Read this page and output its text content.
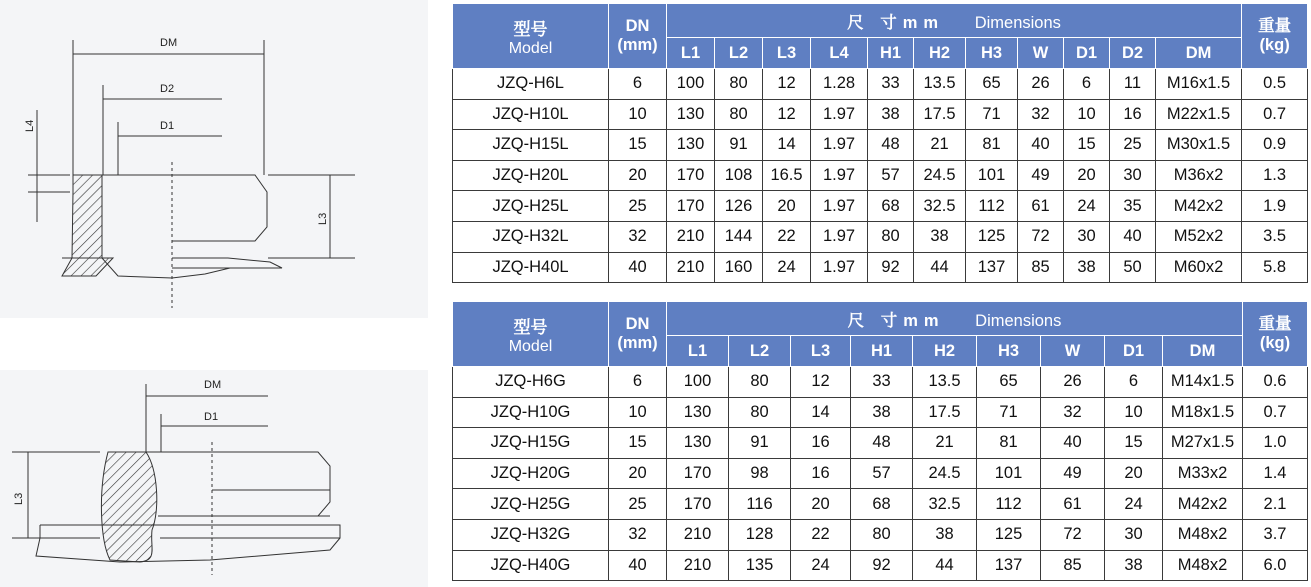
DM
D2
D1
L4
L3
DM
D1
L3
型号
Model	DN
(mm)	尺 寸mm Dimensions											重量
(kg)

		L1	L2	L3	L4	H1	H2	H3	W	D1	D2	DM	
JZQ-H6L	6	100	80	12	1.28	33	13.5	65	26	6	11	M16x1.5	0.5
JZQ-H10L	10	130	80	12	1.97	38	17.5	71	32	10	16	M22x1.5	0.7
JZQ-H15L	15	130	91	14	1.97	48	21	81	40	15	25	M30x1.5	0.9
JZQ-H20L	20	170	108	16.5	1.97	57	24.5	101	49	20	30	M36x2	1.3
JZQ-H25L	25	170	126	20	1.97	68	32.5	112	61	24	35	M42x2	1.9
JZQ-H32L	32	210	144	22	1.97	80	38	125	72	30	40	M52x2	3.5
JZQ-H40L	40	210	160	24	1.97	92	44	137	85	38	50	M60x2	5.8
型号
Model	DN
(mm)	尺 寸mm Dimensions									重量
(kg)

		L1	L2	L3	H1	H2	H3	W	D1	DM	
JZQ-H6G	6	100	80	12	33	13.5	65	26	6	M14x1.5	0.6
JZQ-H10G	10	130	80	14	38	17.5	71	32	10	M18x1.5	0.7
JZQ-H15G	15	130	91	16	48	21	81	40	15	M27x1.5	1.0
JZQ-H20G	20	170	98	16	57	24.5	101	49	20	M33x2	1.4
JZQ-H25G	25	170	116	20	68	32.5	112	61	24	M42x2	2.1
JZQ-H32G	32	210	128	22	80	38	125	72	30	M48x2	3.7
JZQ-H40G	40	210	135	24	92	44	137	85	38	M48x2	6.0
